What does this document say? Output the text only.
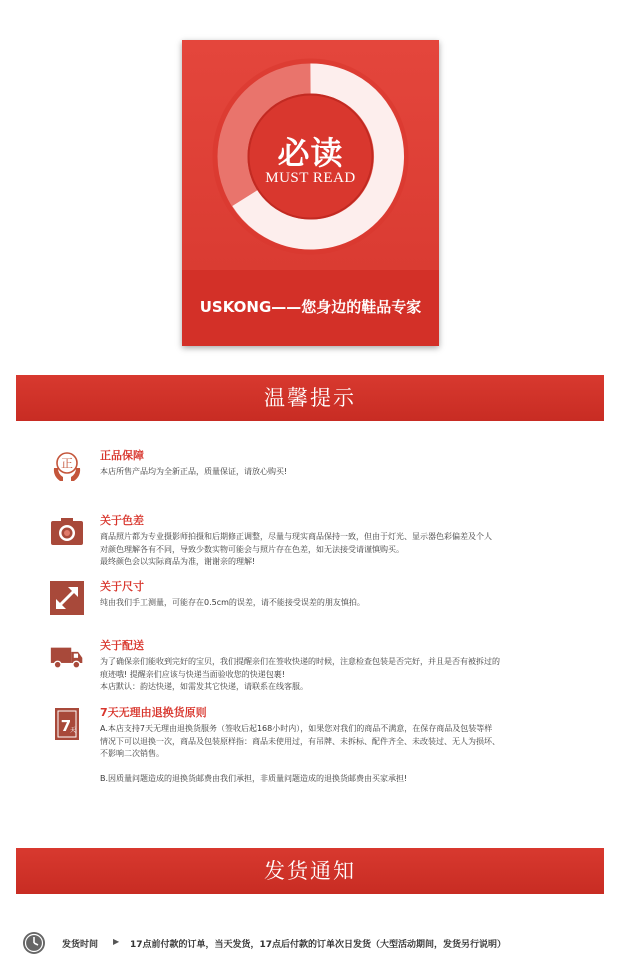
必读
MUST READ
USKONG——您身边的鞋品专家
温馨提示
正
正品保障
本店所售产品均为全新正品，质量保证，请放心购买!
关于色差
商品照片都为专业摄影师拍摄和后期修正调整，尽量与现实商品保持一致，但由于灯光、显示器色彩偏差及个人
对颜色理解各有不同，导致少数实物可能会与照片存在色差，如无法接受请谨慎购买。
最终颜色会以实际商品为准，谢谢亲的理解!
关于尺寸
纯由我们手工测量，可能存在0.5cm的误差，请不能接受误差的朋友慎拍。
关于配送
为了确保亲们能收到完好的宝贝，我们提醒亲们在签收快递的时候，注意检查包装是否完好，并且是否有被拆过的
痕迹哦! 提醒亲们应该与快递当面验收您的快递包裹!
本店默认：韵达快递，如需发其它快递，请联系在线客服。
7
天
7天无理由退换货原则
A.本店支持7天无理由退换货服务（签收后起168小时内），如果您对我们的商品不满意，在保存商品及包装等样
情况下可以退换一次，商品及包装原样指：商品未使用过，有吊牌、未拆标、配件齐全、未改装过、无人为损坏、
不影响二次销售。
B.因质量问题造成的退换货邮费由我们承担，非质量问题造成的退换货邮费由买家承担!
发货通知
发货时间 ▶ 17点前付款的订单，当天发货，17点后付款的订单次日发货（大型活动期间，发货另行说明）
